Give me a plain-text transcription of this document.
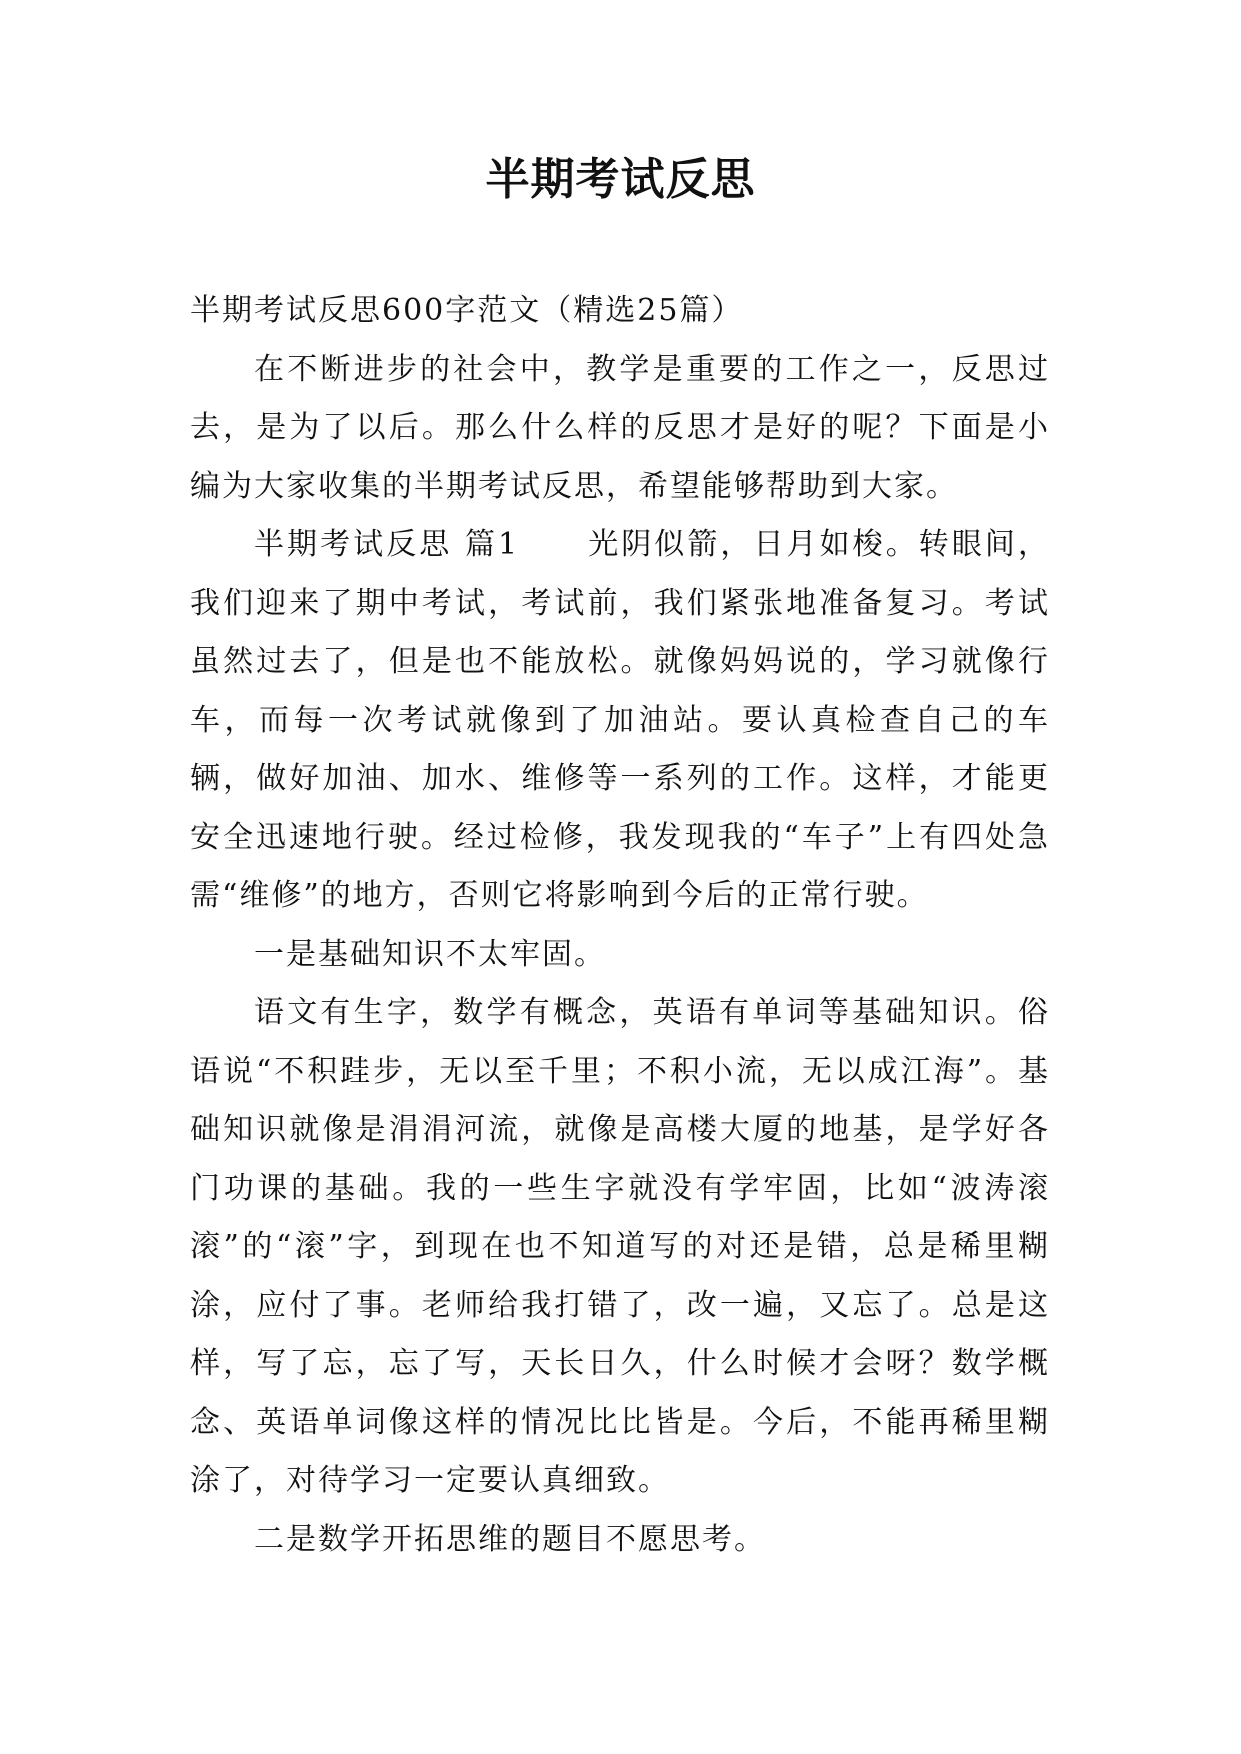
半期考试反思

半期考试反思600字范文（精选25篇）

在不断进步的社会中，教学是重要的工作之一，反思过去，是为了以后。那么什么样的反思才是好的呢？下面是小编为大家收集的半期考试反思，希望能够帮助到大家。

半期考试反思 篇1 光阴似箭，日月如梭。转眼间，我们迎来了期中考试，考试前，我们紧张地准备复习。考试虽然过去了，但是也不能放松。就像妈妈说的，学习就像行车，而每一次考试就像到了加油站。要认真检查自己的车辆，做好加油、加水、维修等一系列的工作。这样，才能更安全迅速地行驶。经过检修，我发现我的“车子”上有四处急需“维修”的地方，否则它将影响到今后的正常行驶。

一是基础知识不太牢固。

语文有生字，数学有概念，英语有单词等基础知识。俗语说“不积跬步，无以至千里；不积小流，无以成江海”。基础知识就像是涓涓河流，就像是高楼大厦的地基，是学好各门功课的基础。我的一些生字就没有学牢固，比如“波涛滚滚”的“滚”字，到现在也不知道写的对还是错，总是稀里糊涂，应付了事。老师给我打错了，改一遍，又忘了。总是这样，写了忘，忘了写，天长日久，什么时候才会呀？数学概念、英语单词像这样的情况比比皆是。今后，不能再稀里糊涂了，对待学习一定要认真细致。

二是数学开拓思维的题目不愿思考。
